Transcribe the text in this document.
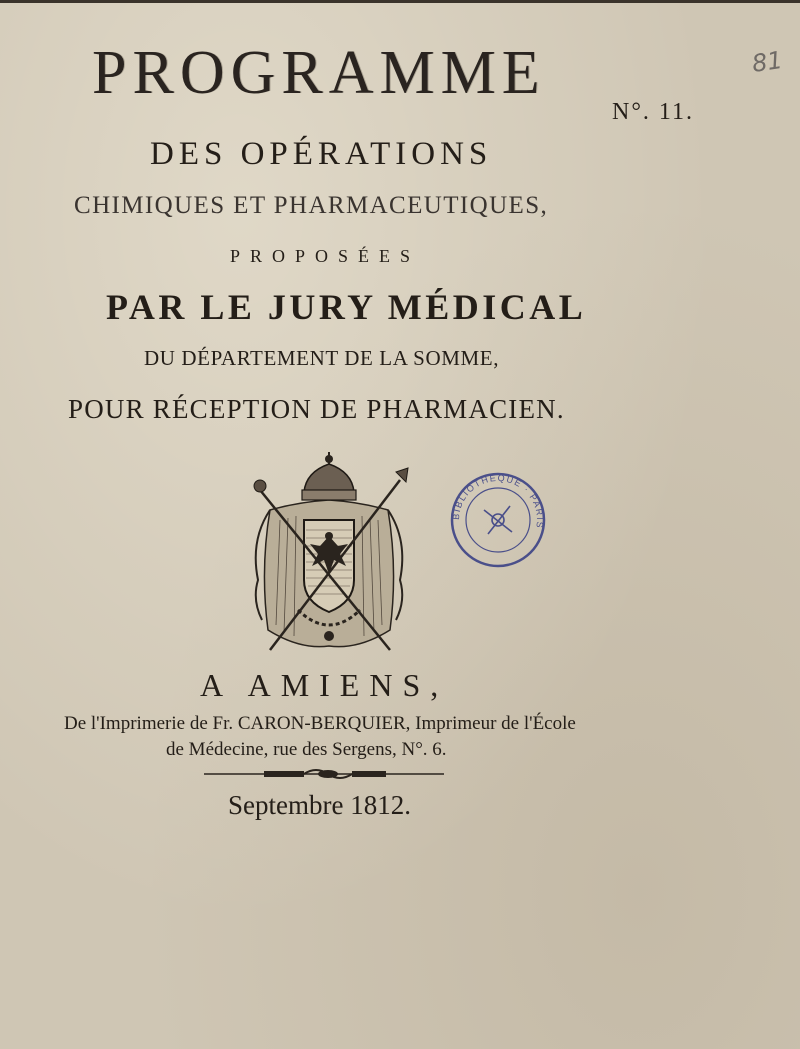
PROGRAMME
N°. 11.
81
DES OPÉRATIONS
CHIMIQUES ET PHARMACEUTIQUES,
PROPOSÉES
PAR LE JURY MÉDICAL
DU DÉPARTEMENT DE LA SOMME,
POUR RÉCEPTION DE PHARMACIEN.
BIBLIOTHÈQUE · PARIS
A AMIENS,
De l'Imprimerie de Fr. CARON-BERQUIER, Imprimeur de l'École
de Médecine, rue des Sergens, N°. 6.
Septembre 1812.
